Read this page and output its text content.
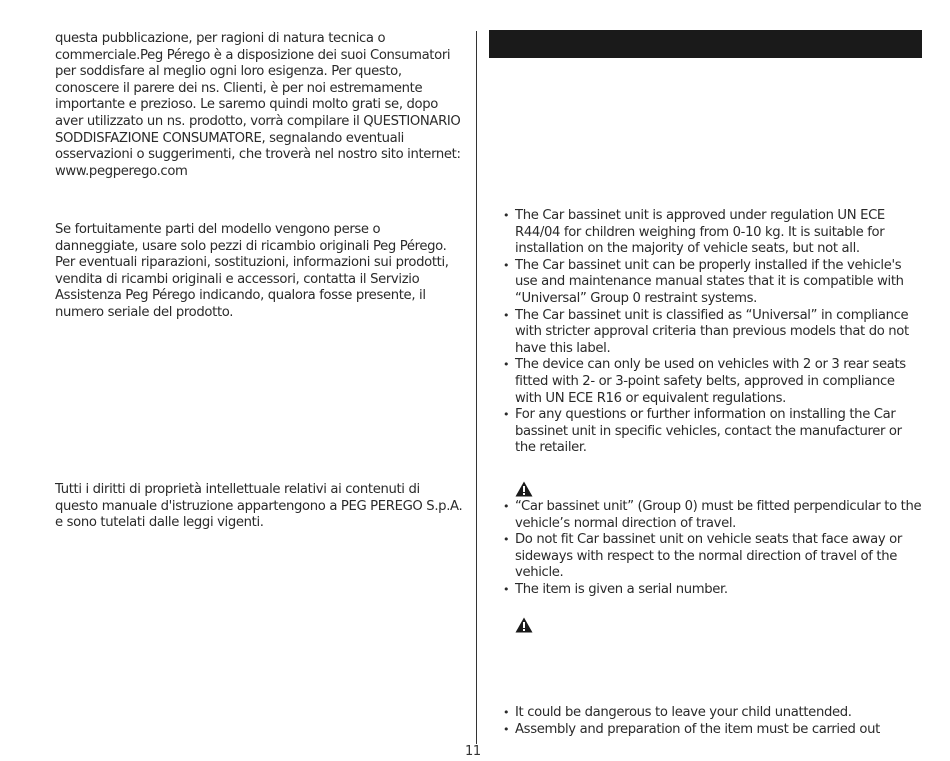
questa pubblicazione, per ragioni di natura tecnica o commerciale.Peg Pérego è a disposizione dei suoi Consumatori per soddisfare al meglio ogni loro esigenza. Per questo, conoscere il parere dei ns. Clienti, è per noi estremamente importante e prezioso. Le saremo quindi molto grati se, dopo aver utilizzato un ns. prodotto, vorrà compilare il QUESTIONARIO SODDISFAZIONE CONSUMATORE, segnalando eventuali osservazioni o suggerimenti, che troverà nel nostro sito internet: www.pegperego.com

Se fortuitamente parti del modello vengono perse o danneggiate, usare solo pezzi di ricambio originali Peg Pérego. Per eventuali riparazioni, sostituzioni, informazioni sui prodotti, vendita di ricambi originali e accessori, contatta il Servizio Assistenza Peg Pérego indicando, qualora fosse presente, il numero seriale del prodotto.

Tutti i diritti di proprietà intellettuale relativi ai contenuti di questo manuale d'istruzione appartengono a PEG PEREGO S.p.A. e sono tutelati dalle leggi vigenti.

• The Car bassinet unit is approved under regulation UN ECE R44/04 for children weighing from 0-10 kg. It is suitable for installation on the majority of vehicle seats, but not all.
• The Car bassinet unit can be properly installed if the vehicle's use and maintenance manual states that it is compatible with “Universal” Group 0 restraint systems.
• The Car bassinet unit is classified as “Universal” in compliance with stricter approval criteria than previous models that do not have this label.
• The device can only be used on vehicles with 2 or 3 rear seats fitted with 2- or 3-point safety belts, approved in compliance with UN ECE R16 or equivalent regulations.
• For any questions or further information on installing the Car bassinet unit in specific vehicles, contact the manufacturer or the retailer.
• “Car bassinet unit” (Group 0) must be fitted perpendicular to the vehicle’s normal direction of travel.
• Do not fit Car bassinet unit on vehicle seats that face away or sideways with respect to the normal direction of travel of the vehicle.
• The item is given a serial number.
• It could be dangerous to leave your child unattended.
• Assembly and preparation of the item must be carried out
11
